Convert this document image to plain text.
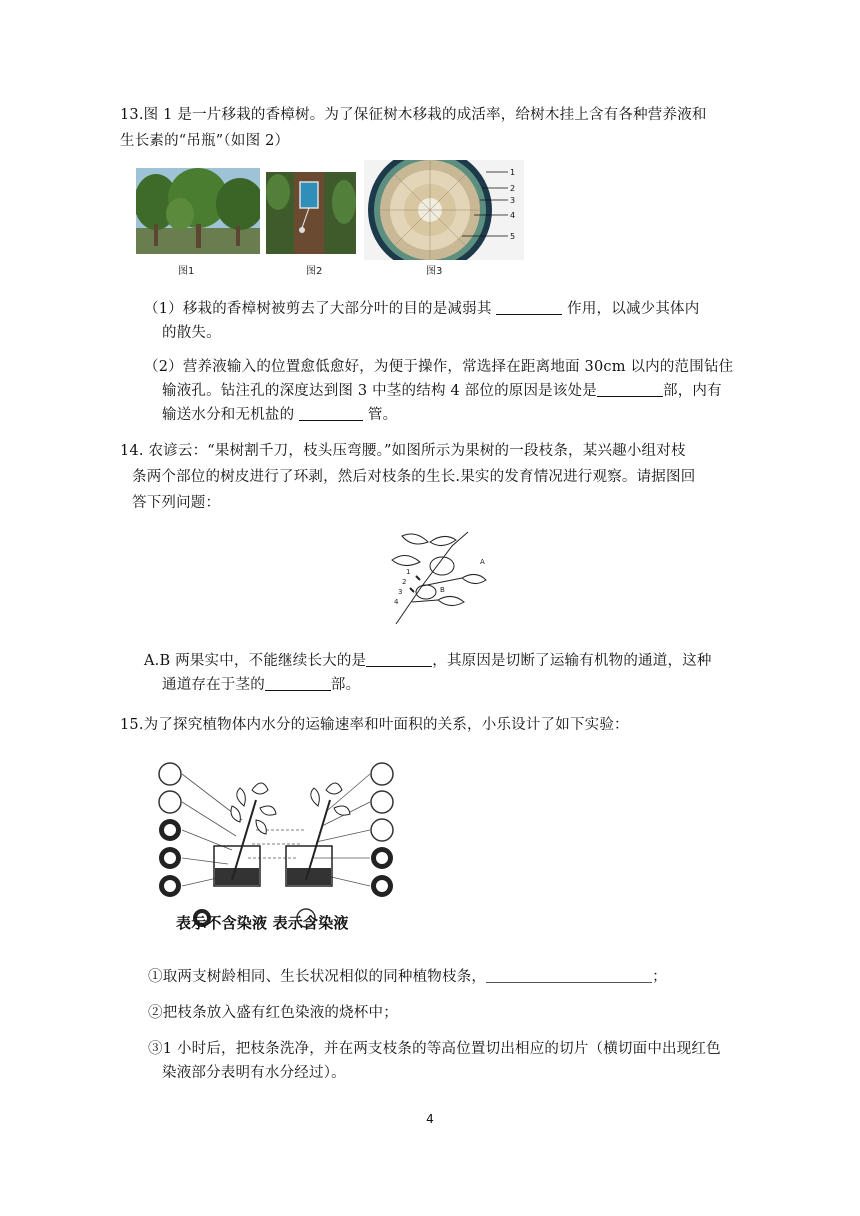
13.图 1 是一片移栽的香樟树。为了保征树木移栽的成活率，给树木挂上含有各种营养液和
生长素的“吊瓶”（如图 2）
图1	图2
1
2
3
4
5
图3
（1）移栽的香樟树被剪去了大部分叶的目的是减弱其	作用，以减少其体内
的散失。
（2）营养液输入的位置愈低愈好，为便于操作，常选择在距离地面 30cm 以内的范围钻住
输液孔。钻注孔的深度达到图 3 中茎的结构 4 部位的原因是该处是	部，内有
输送水分和无机盐的	管。
14. 农谚云：“果树割千刀，枝头压弯腰。”如图所示为果树的一段枝条，某兴趣小组对枝
条两个部位的树皮进行了环剥，然后对枝条的生长.果实的发育情况进行观察。请据图回
答下列问题：
A
B
1
2
3
4
A.B 两果实中，不能继续长大的是	，其原因是切断了运输有机物的通道，这种
通道存在于茎的	部。
15.为了探究植物体内水分的运输速率和叶面积的关系，小乐设计了如下实验：
表示不含染液 表示含染液
①取两支树龄相同、生长状况相似的同种植物枝条，	；
②把枝条放入盛有红色染液的烧杯中；
③1 小时后，把枝条洗净，并在两支枝条的等高位置切出相应的切片（横切面中出现红色
染液部分表明有水分经过）。
4
